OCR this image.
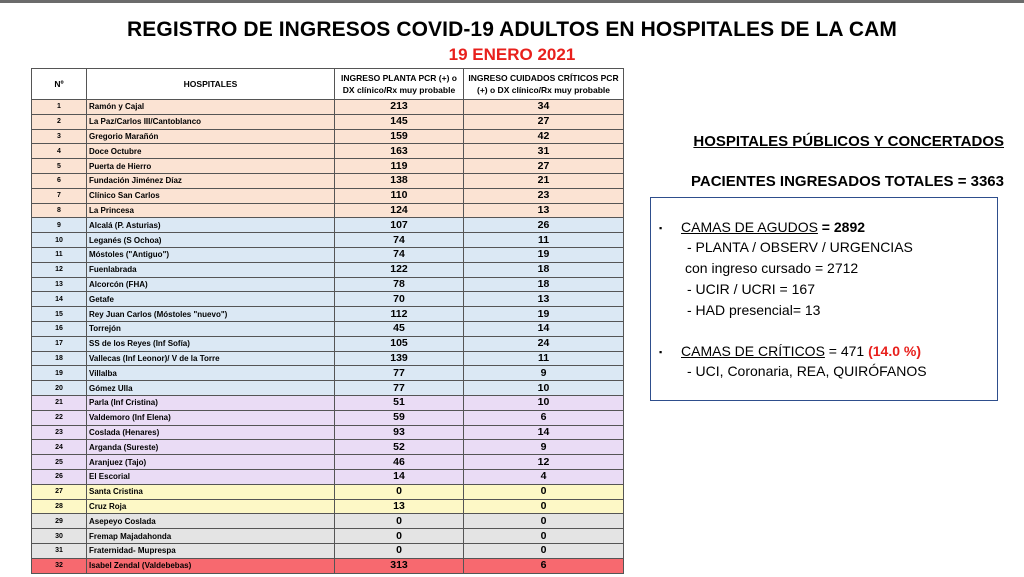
REGISTRO DE INGRESOS COVID-19 ADULTOS EN HOSPITALES DE LA CAM
19 ENERO 2021
Nº	HOSPITALES	INGRESO PLANTA PCR (+) o
DX clínico/Rx muy probable	INGRESO CUIDADOS CRÍTICOS PCR
(+) o DX clínico/Rx muy probable
1	Ramón y Cajal	213	34
2	La Paz/Carlos III/Cantoblanco	145	27
3	Gregorio Marañón	159	42
4	Doce Octubre	163	31
5	Puerta de Hierro	119	27
6	Fundación Jiménez Díaz	138	21
7	Clínico San Carlos	110	23
8	La Princesa	124	13
9	Alcalá (P. Asturias)	107	26
10	Leganés (S Ochoa)	74	11
11	Móstoles ("Antiguo")	74	19
12	Fuenlabrada	122	18
13	Alcorcón (FHA)	78	18
14	Getafe	70	13
15	Rey Juan Carlos (Móstoles "nuevo")	112	19
16	Torrejón	45	14
17	SS de los Reyes (Inf Sofía)	105	24
18	Vallecas (Inf Leonor)/ V de la Torre	139	11
19	Villalba	77	9
20	Gómez Ulla	77	10
21	Parla (Inf Cristina)	51	10
22	Valdemoro (Inf Elena)	59	6
23	Coslada (Henares)	93	14
24	Arganda (Sureste)	52	9
25	Aranjuez (Tajo)	46	12
26	El Escorial	14	4
27	Santa Cristina	0	0
28	Cruz Roja	13	0
29	Asepeyo Coslada	0	0
30	Fremap Majadahonda	0	0
31	Fraternidad- Muprespa	0	0
32	Isabel Zendal (Valdebebas)	313	6
HOSPITALES PÚBLICOS Y CONCERTADOS
PACIENTES INGRESADOS TOTALES = 3363
▪ CAMAS DE AGUDOS = 2892
- PLANTA / OBSERV / URGENCIAS
con ingreso cursado = 2712
- UCIR / UCRI = 167
- HAD presencial= 13
▪ CAMAS DE CRÍTICOS = 471 (14.0 %)
- UCI, Coronaria, REA, QUIRÓFANOS
